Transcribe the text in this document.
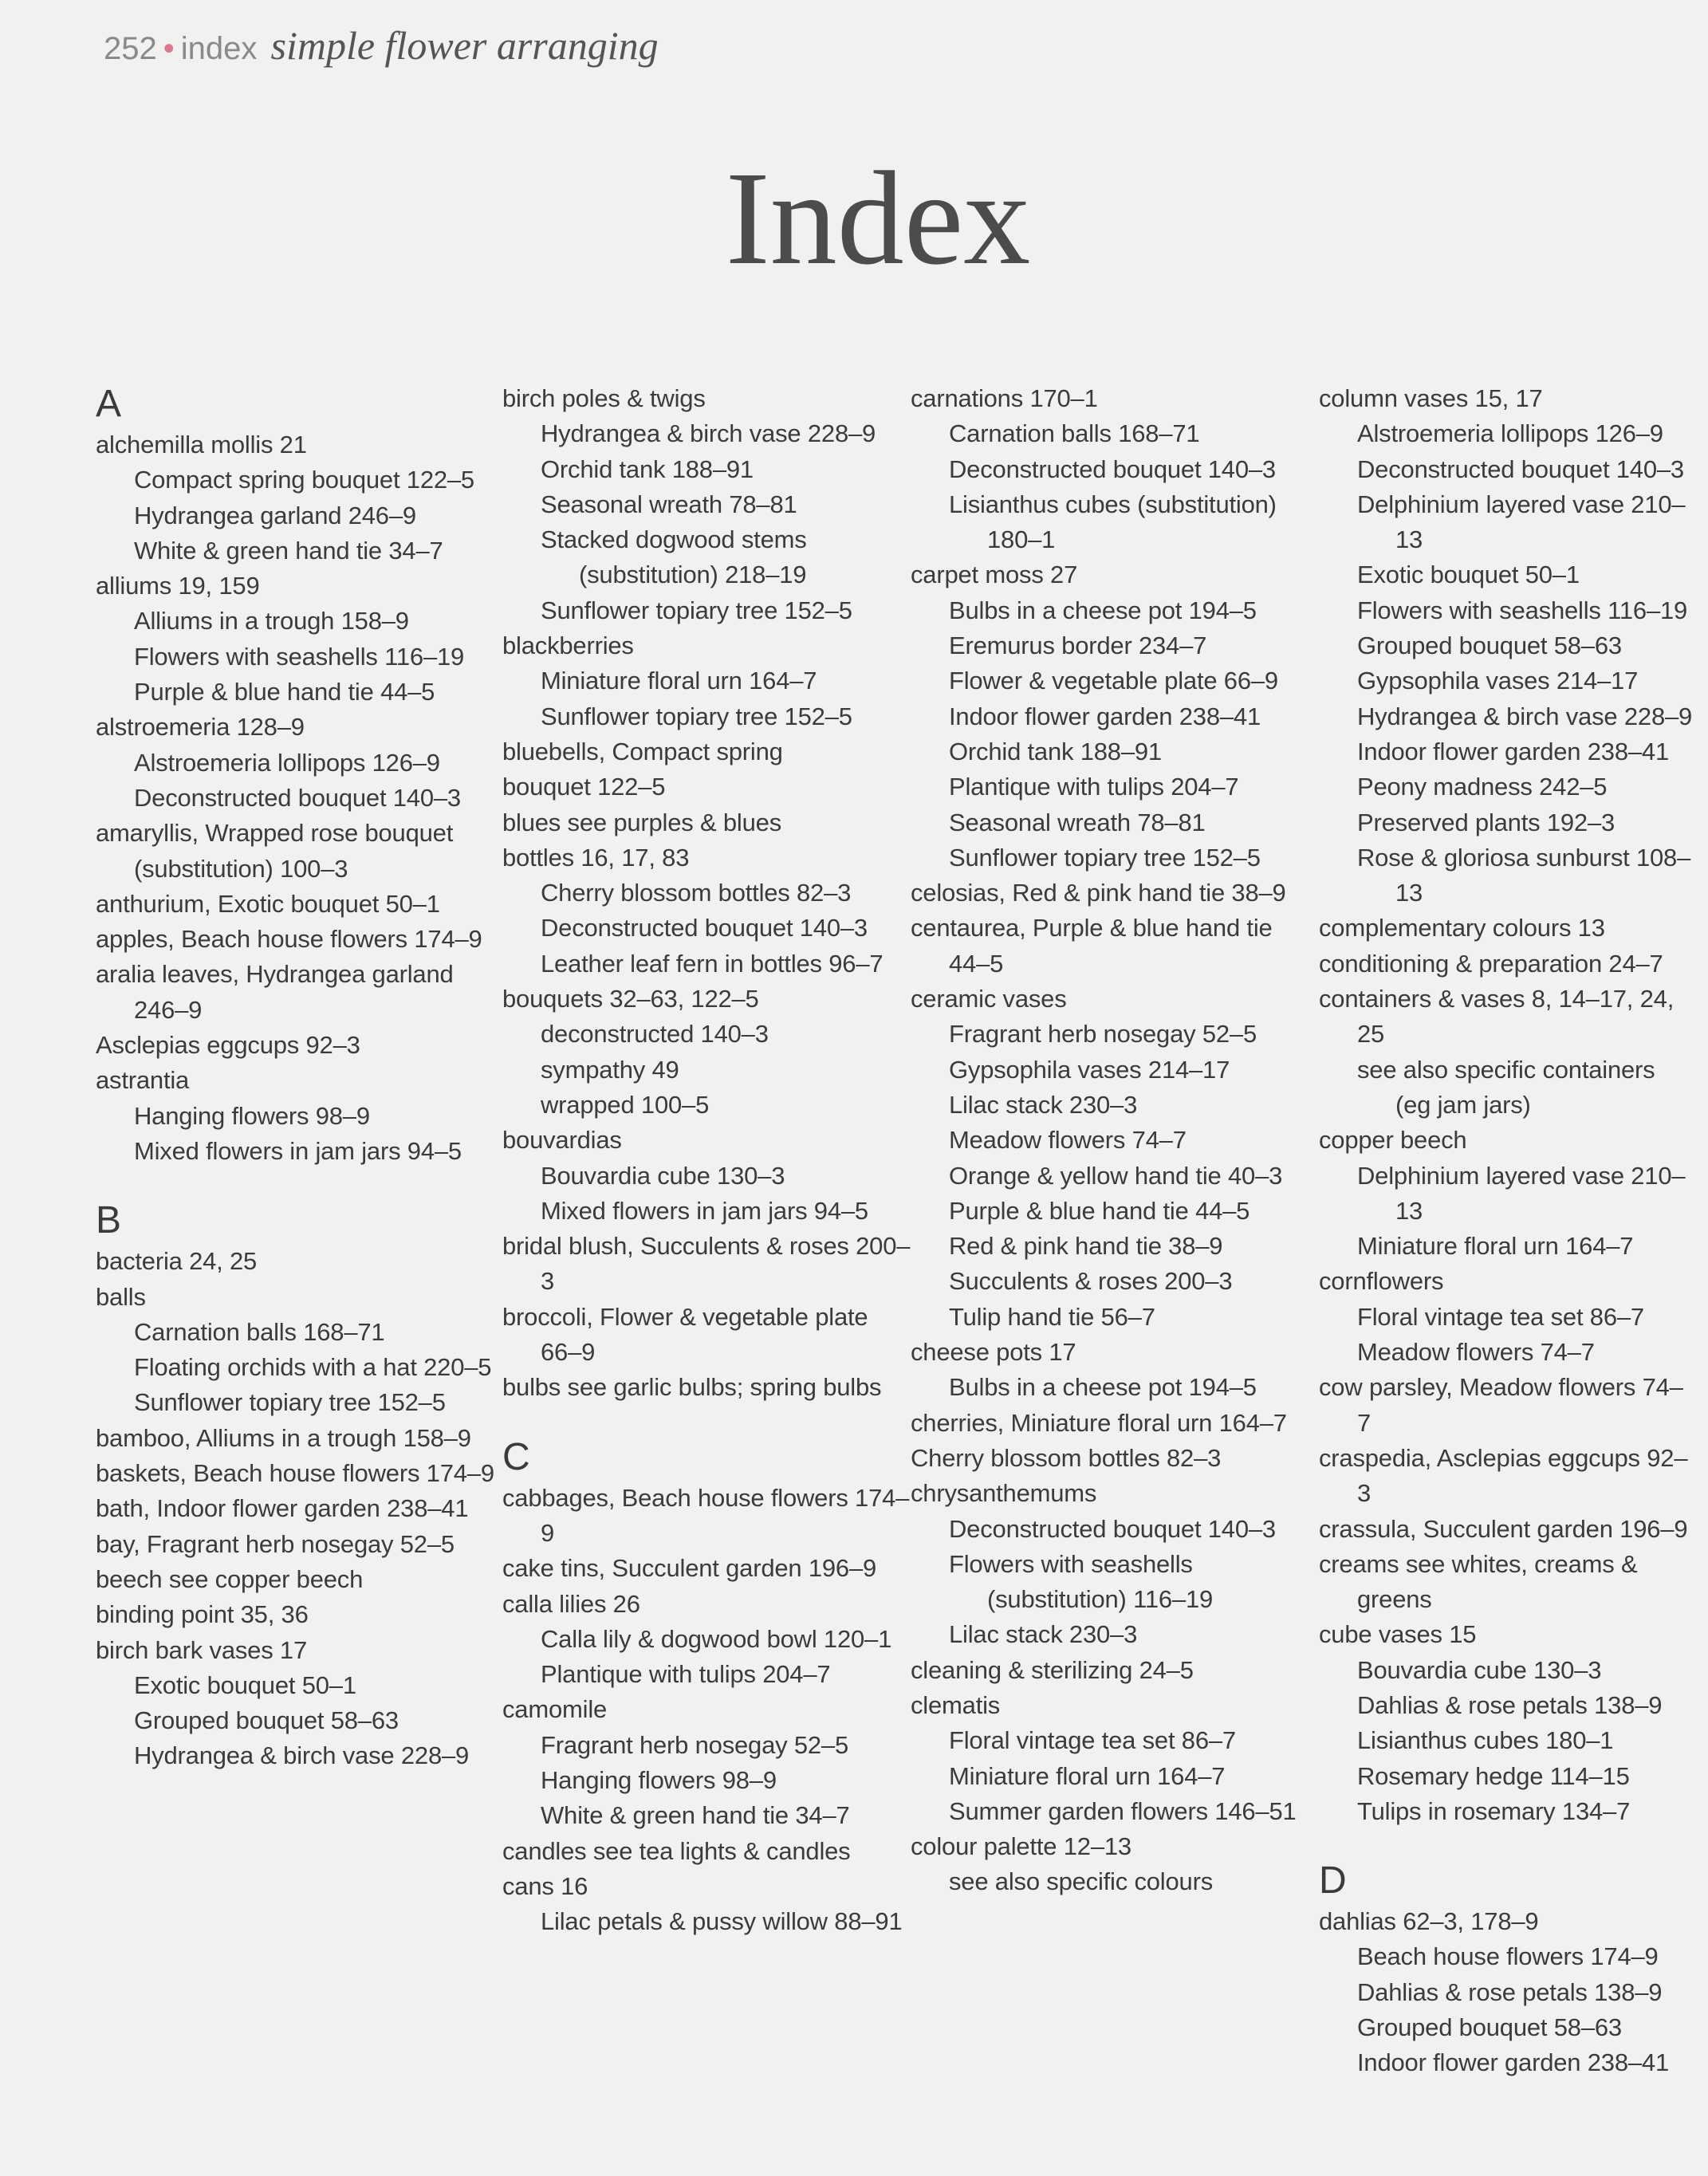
252 • index simple flower arranging
Index
A
alchemilla mollis 21
Compact spring bouquet 122–5
Hydrangea garland 246–9
White & green hand tie 34–7
alliums 19, 159
Alliums in a trough 158–9
Flowers with seashells 116–19
Purple & blue hand tie 44–5
alstroemeria 128–9
Alstroemeria lollipops 126–9
Deconstructed bouquet 140–3
amaryllis, Wrapped rose bouquet (substitution) 100–3
anthurium, Exotic bouquet 50–1
apples, Beach house flowers 174–9
aralia leaves, Hydrangea garland 246–9
Asclepias eggcups 92–3
astrantia
Hanging flowers 98–9
Mixed flowers in jam jars 94–5
B
bacteria 24, 25
balls
Carnation balls 168–71
Floating orchids with a hat 220–5
Sunflower topiary tree 152–5
bamboo, Alliums in a trough 158–9
baskets, Beach house flowers 174–9
bath, Indoor flower garden 238–41
bay, Fragrant herb nosegay 52–5
beech see copper beech
binding point 35, 36
birch bark vases 17
Exotic bouquet 50–1
Grouped bouquet 58–63
Hydrangea & birch vase 228–9
birch poles & twigs
Hydrangea & birch vase 228–9
Orchid tank 188–91
Seasonal wreath 78–81
Stacked dogwood stems (substitution) 218–19
Sunflower topiary tree 152–5
blackberries
Miniature floral urn 164–7
Sunflower topiary tree 152–5
bluebells, Compact spring
bouquet 122–5
blues see purples & blues
bottles 16, 17, 83
Cherry blossom bottles 82–3
Deconstructed bouquet 140–3
Leather leaf fern in bottles 96–7
bouquets 32–63, 122–5
deconstructed 140–3
sympathy 49
wrapped 100–5
bouvardias
Bouvardia cube 130–3
Mixed flowers in jam jars 94–5
bridal blush, Succulents & roses 200–3
broccoli, Flower & vegetable plate 66–9
bulbs see garlic bulbs; spring bulbs
C
cabbages, Beach house flowers 174–9
cake tins, Succulent garden 196–9
calla lilies 26
Calla lily & dogwood bowl 120–1
Plantique with tulips 204–7
camomile
Fragrant herb nosegay 52–5
Hanging flowers 98–9
White & green hand tie 34–7
candles see tea lights & candles
cans 16
Lilac petals & pussy willow 88–91
carnations 170–1
Carnation balls 168–71
Deconstructed bouquet 140–3
Lisianthus cubes (substitution) 180–1
carpet moss 27
Bulbs in a cheese pot 194–5
Eremurus border 234–7
Flower & vegetable plate 66–9
Indoor flower garden 238–41
Orchid tank 188–91
Plantique with tulips 204–7
Seasonal wreath 78–81
Sunflower topiary tree 152–5
celosias, Red & pink hand tie 38–9
centaurea, Purple & blue hand tie 44–5
ceramic vases
Fragrant herb nosegay 52–5
Gypsophila vases 214–17
Lilac stack 230–3
Meadow flowers 74–7
Orange & yellow hand tie 40–3
Purple & blue hand tie 44–5
Red & pink hand tie 38–9
Succulents & roses 200–3
Tulip hand tie 56–7
cheese pots 17
Bulbs in a cheese pot 194–5
cherries, Miniature floral urn 164–7
Cherry blossom bottles 82–3
chrysanthemums
Deconstructed bouquet 140–3
Flowers with seashells (substitution) 116–19
Lilac stack 230–3
cleaning & sterilizing 24–5
clematis
Floral vintage tea set 86–7
Miniature floral urn 164–7
Summer garden flowers 146–51
colour palette 12–13
see also specific colours
column vases 15, 17
Alstroemeria lollipops 126–9
Deconstructed bouquet 140–3
Delphinium layered vase 210–13
Exotic bouquet 50–1
Flowers with seashells 116–19
Grouped bouquet 58–63
Gypsophila vases 214–17
Hydrangea & birch vase 228–9
Indoor flower garden 238–41
Peony madness 242–5
Preserved plants 192–3
Rose & gloriosa sunburst 108–13
complementary colours 13
conditioning & preparation 24–7
containers & vases 8, 14–17, 24, 25
see also specific containers (eg jam jars)
copper beech
Delphinium layered vase 210–13
Miniature floral urn 164–7
cornflowers
Floral vintage tea set 86–7
Meadow flowers 74–7
cow parsley, Meadow flowers 74–7
craspedia, Asclepias eggcups 92–3
crassula, Succulent garden 196–9
creams see whites, creams & greens
cube vases 15
Bouvardia cube 130–3
Dahlias & rose petals 138–9
Lisianthus cubes 180–1
Rosemary hedge 114–15
Tulips in rosemary 134–7
D
dahlias 62–3, 178–9
Beach house flowers 174–9
Dahlias & rose petals 138–9
Grouped bouquet 58–63
Indoor flower garden 238–41
